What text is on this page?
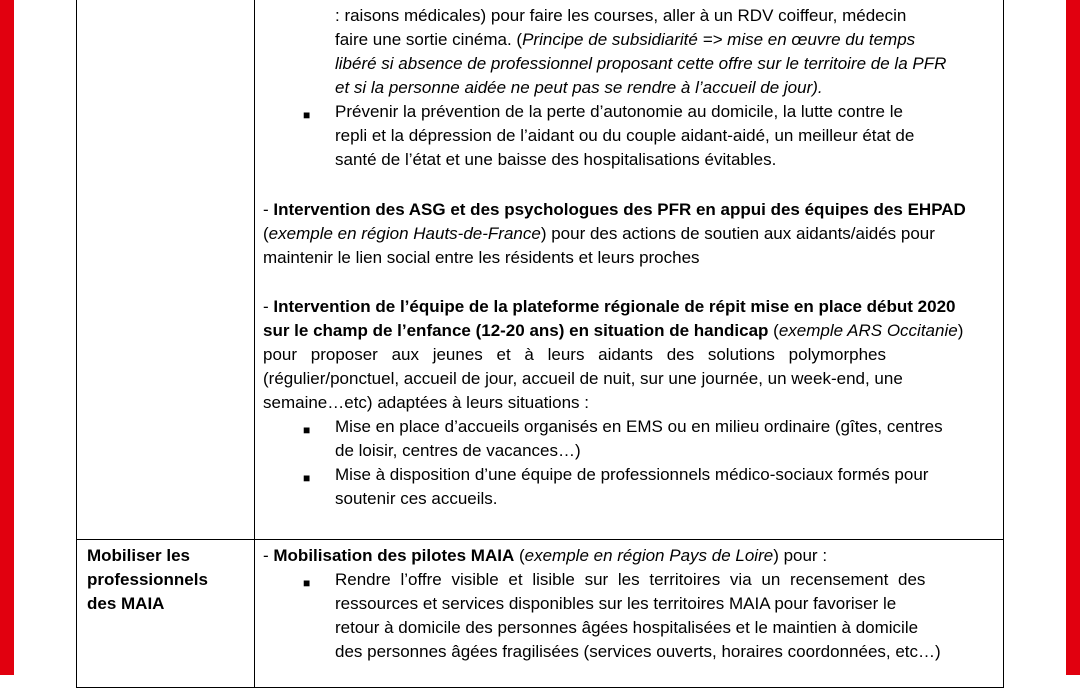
: raisons médicales) pour faire les courses, aller à un RDV coiffeur, médecin
faire une sortie cinéma. (Principe de subsidiarité => mise en œuvre du temps
libéré si absence de professionnel proposant cette offre sur le territoire de la PFR
et si la personne aidée ne peut pas se rendre à l’accueil de jour).
■ Prévenir la prévention de la perte d’autonomie au domicile, la lutte contre le
repli et la dépression de l’aidant ou du couple aidant-aidé, un meilleur état de
santé de l’état et une baisse des hospitalisations évitables.
- Intervention des ASG et des psychologues des PFR en appui des équipes des EHPAD
(exemple en région Hauts-de-France) pour des actions de soutien aux aidants/aidés pour
maintenir le lien social entre les résidents et leurs proches
- Intervention de l’équipe de la plateforme régionale de répit mise en place début 2020
sur le champ de l’enfance (12-20 ans) en situation de handicap (exemple ARS Occitanie)
pour proposer aux jeunes et à leurs aidants des solutions polymorphes
(régulier/ponctuel, accueil de jour, accueil de nuit, sur une journée, un week-end, une
semaine…etc) adaptées à leurs situations :
■ Mise en place d’accueils organisés en EMS ou en milieu ordinaire (gîtes, centres
de loisir, centres de vacances…)
■ Mise à disposition d’une équipe de professionnels médico-sociaux formés pour
soutenir ces accueils.
Mobiliser les
professionnels
des MAIA
- Mobilisation des pilotes MAIA (exemple en région Pays de Loire) pour :
■ Rendre l’offre visible et lisible sur les territoires via un recensement des
ressources et services disponibles sur les territoires MAIA pour favoriser le
retour à domicile des personnes âgées hospitalisées et le maintien à domicile
des personnes âgées fragilisées (services ouverts, horaires coordonnées, etc…)
